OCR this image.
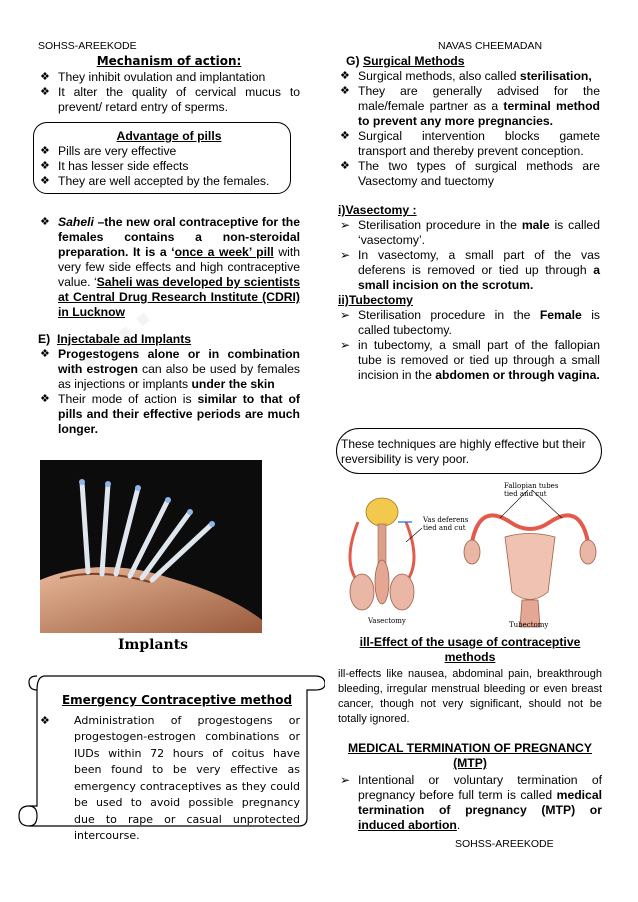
SOHSS-AREEKODE	NAVAS CHEEMADAN
Mechanism of action:
❖ They inhibit ovulation and implantation
❖ It alter the quality of cervical mucus to prevent/ retard entry of sperms.
Advantage of pills
❖ Pills are very effective
❖ It has lesser side effects
❖ They are well accepted by the females.
❖ Saheli –the new oral contraceptive for the females contains a non-steroidal preparation. It is a ‘once a week’ pill with very few side effects and high contraceptive value. ‘Saheli was developed by scientists at Central Drug Research Institute (CDRI) in Lucknow
E) Injectabale ad Implants
❖ Progestogens alone or in combination with estrogen can also be used by females as injections or implants under the skin
❖ Their mode of action is similar to that of pills and their effective periods are much longer.
Implants
Emergency Contraceptive method
❖ Administration of progestogens or progestogen-estrogen combinations or IUDs within 72 hours of coitus have been found to be very effective as emergency contraceptives as they could be used to avoid possible pregnancy due to rape or casual unprotected intercourse.
G) Surgical Methods
❖ Surgical methods, also called sterilisation,
❖ They are generally advised for the male/female partner as a terminal method to prevent any more pregnancies.
❖ Surgical intervention blocks gamete transport and thereby prevent conception.
❖ The two types of surgical methods are Vasectomy and tuectomy
i)Vasectomy :
➢ Sterilisation procedure in the male is called ‘vasectomy’.
➢ In vasectomy, a small part of the vas deferens is removed or tied up through a small incision on the scrotum.
ii)Tubectomy
➢ Sterilisation procedure in the Female is called tubectomy.
➢ in tubectomy, a small part of the fallopian tube is removed or tied up through a small incision in the abdomen or through vagina.
These techniques are highly effective but their reversibility is very poor.
Vas deferens tied and cut
Fallopian tubes tied and cut
Vasectomy	Tubectomy
ill-Effect of the usage of contraceptive methods
ill-effects like nausea, abdominal pain, breakthrough bleeding, irregular menstrual bleeding or even breast cancer, though not very significant, should not be totally ignored.
MEDICAL TERMINATION OF PREGNANCY (MTP)
➢ Intentional or voluntary termination of pregnancy before full term is called medical termination of pregnancy (MTP) or induced abortion.
SOHSS-AREEKODE
